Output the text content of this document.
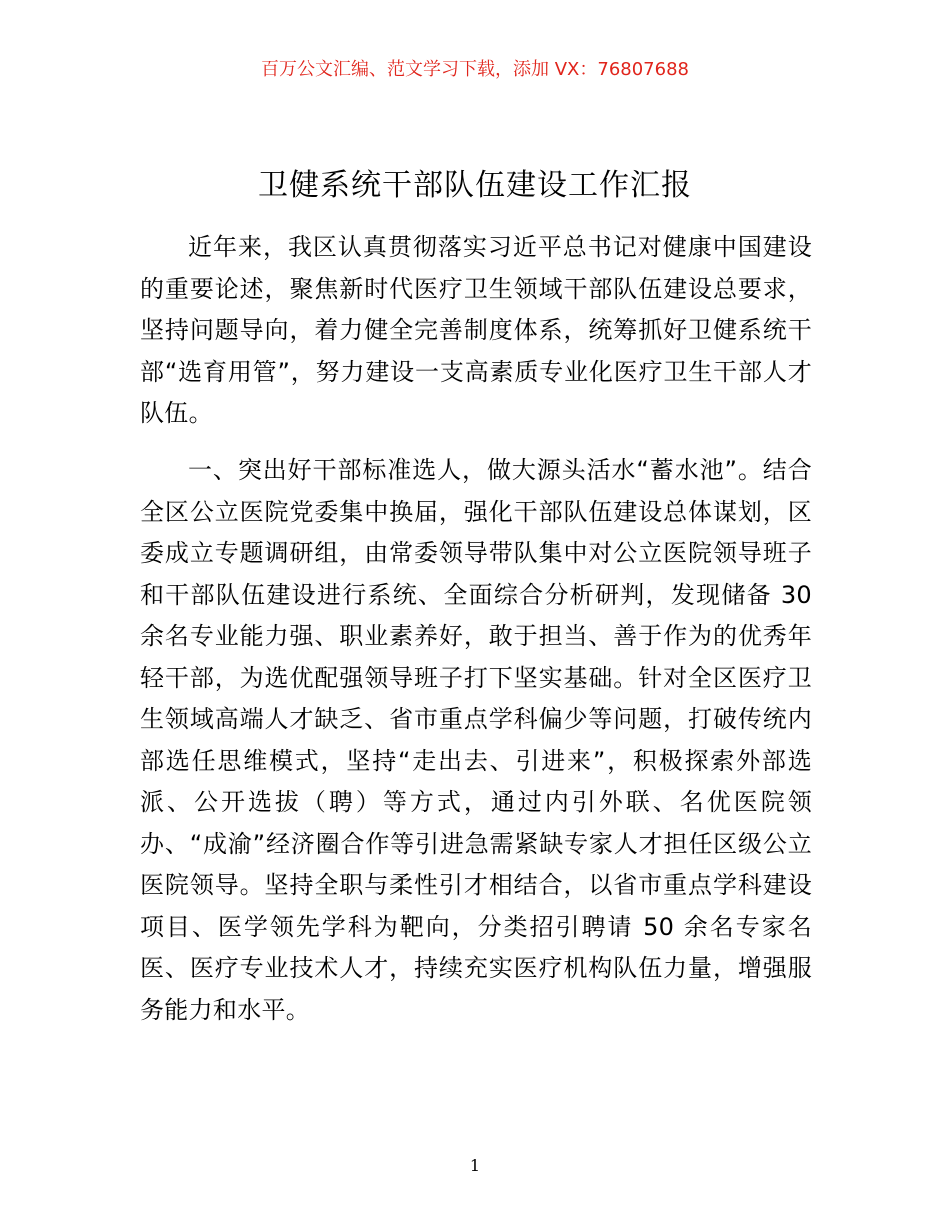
百万公文汇编、范文学习下载，添加 VX：76807688
卫健系统干部队伍建设工作汇报

近年来，我区认真贯彻落实习近平总书记对健康中国建设的重要论述，聚焦新时代医疗卫生领域干部队伍建设总要求，坚持问题导向，着力健全完善制度体系，统筹抓好卫健系统干部“选育用管”，努力建设一支高素质专业化医疗卫生干部人才队伍。

一、突出好干部标准选人，做大源头活水“蓄水池”。结合全区公立医院党委集中换届，强化干部队伍建设总体谋划，区委成立专题调研组，由常委领导带队集中对公立医院领导班子和干部队伍建设进行系统、全面综合分析研判，发现储备 30 余名专业能力强、职业素养好，敢于担当、善于作为的优秀年轻干部，为选优配强领导班子打下坚实基础。针对全区医疗卫生领域高端人才缺乏、省市重点学科偏少等问题，打破传统内部选任思维模式，坚持“走出去、引进来”，积极探索外部选派、公开选拔（聘）等方式，通过内引外联、名优医院领办、“成渝”经济圈合作等引进急需紧缺专家人才担任区级公立医院领导。坚持全职与柔性引才相结合，以省市重点学科建设项目、医学领先学科为靶向，分类招引聘请 50 余名专家名医、医疗专业技术人才，持续充实医疗机构队伍力量，增强服务能力和水平。

1
